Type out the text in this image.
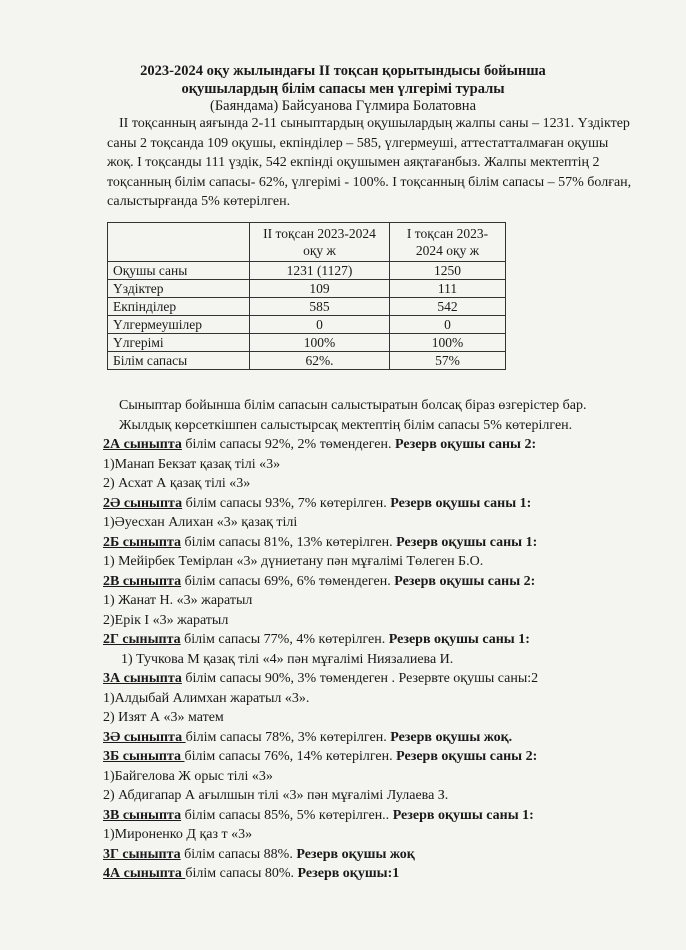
2023-2024 оқу жылындағы II тоқсан қорытындысы бойынша
оқушылардың білім сапасы мен үлгерімі туралы
(Баяндама) Байсуанова Гүлмира Болатовна
II тоқсанның аяғында 2-11 сыныптардың оқушылардың жалпы саны – 1231. Үздіктер саны 2 тоқсанда 109 оқушы, екпінділер – 585, үлгермеуші, аттестатталмаған оқушы жоқ. I тоқсанды 111 үздік, 542 екпінді оқушымен аяқтағанбыз. Жалпы мектептің 2 тоқсанның білім сапасы- 62%, үлгерімі - 100%. I тоқсанның білім сапасы – 57% болған, салыстырғанда 5% көтерілген.
	II тоқсан 2023-2024 оқу ж	I тоқсан 2023-2024 оқу ж
Оқушы саны	1231 (1127)	1250
Үздіктер	109	111
Екпінділер	585	542
Үлгермеушілер	0	0
Үлгерімі	100%	100%
Білім сапасы	62%.	57%
Сыныптар бойынша білім сапасын салыстыратын болсақ біраз өзгерістер бар.
Жылдық көрсеткішпен салыстырсақ мектептің білім сапасы 5% көтерілген.
2А сыныпта білім сапасы 92%, 2% төмендеген. Резерв оқушы саны 2:
1)Манап Бекзат қазақ тілі «3»
2) Асхат А қазақ тілі «3»
2Ә сыныпта білім сапасы 93%, 7% көтерілген. Резерв оқушы саны 1:
1)Әуесхан Алихан «3» қазақ тілі
2Б сыныпта білім сапасы 81%, 13% көтерілген. Резерв оқушы саны 1:
1) Мейірбек Темірлан «3» дүниетану пән мұғалімі Төлеген Б.О.
2В сыныпта білім сапасы 69%, 6% төмендеген. Резерв оқушы саны 2:
1) Жанат Н. «3» жаратыл
2)Ерік І «3» жаратыл
2Г сыныпта білім сапасы 77%, 4% көтерілген. Резерв оқушы саны 1:
1) Тучкова М қазақ тілі «4» пән мұғалімі Ниязалиева И.
3А сыныпта білім сапасы 90%, 3% төмендеген . Резервте оқушы саны:2
1)Алдыбай Алимхан жаратыл «3».
2) Изят А «3» матем
3Ә сыныпта білім сапасы 78%, 3% көтерілген. Резерв оқушы жоқ.
3Б сыныпта білім сапасы 76%, 14% көтерілген. Резерв оқушы саны 2:
1)Байгелова Ж орыс тілі «3»
2) Абдигапар А ағылшын тілі «3» пән мұғалімі Лулаева З.
3В сыныпта білім сапасы 85%, 5% көтерілген.. Резерв оқушы саны 1:
1)Мироненко Д қаз т «3»
3Г сыныпта білім сапасы 88%. Резерв оқушы жоқ
4А сыныпта білім сапасы 80%. Резерв оқушы:1
